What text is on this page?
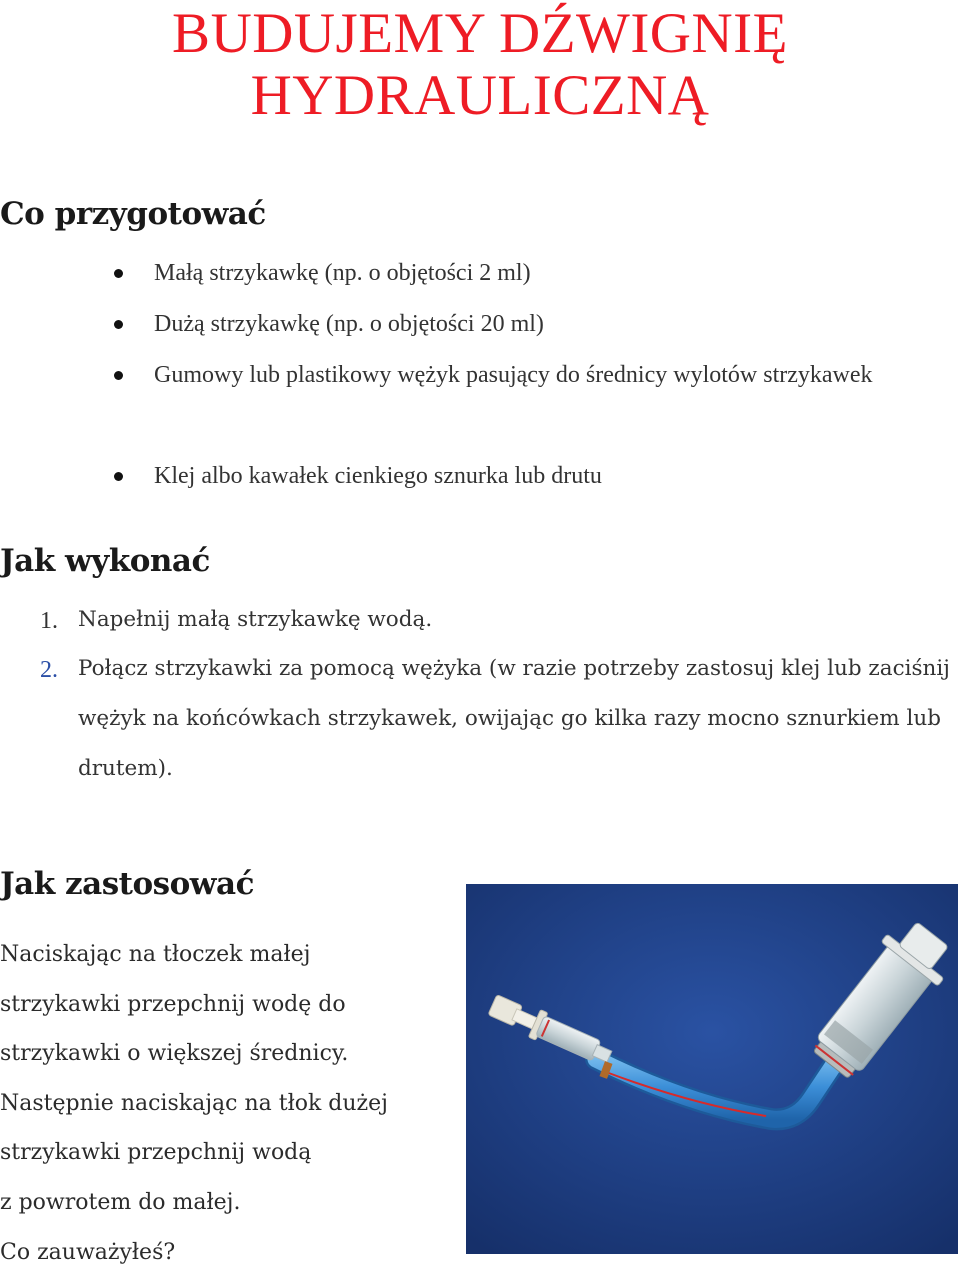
BUDUJEMY DŹWIGNIĘ
HYDRAULICZNĄ
Co przygotować
Małą strzykawkę (np. o objętości 2 ml)
Dużą strzykawkę (np. o objętości 20 ml)
Gumowy lub plastikowy wężyk pasujący do średnicy wylotów strzykawek
Klej albo kawałek cienkiego sznurka lub drutu
Jak wykonać
1. Napełnij małą strzykawkę wodą.
2. Połącz strzykawki za pomocą wężyka (w razie potrzeby zastosuj klej lub zaciśnij wężyk na końcówkach strzykawek, owijając go kilka razy mocno sznurkiem lub drutem).
Jak zastosować
Naciskając na tłoczek małej
strzykawki przepchnij wodę do
strzykawki o większej średnicy.
Następnie naciskając na tłok dużej
strzykawki przepchnij wodą
z powrotem do małej.
Co zauważyłeś?
